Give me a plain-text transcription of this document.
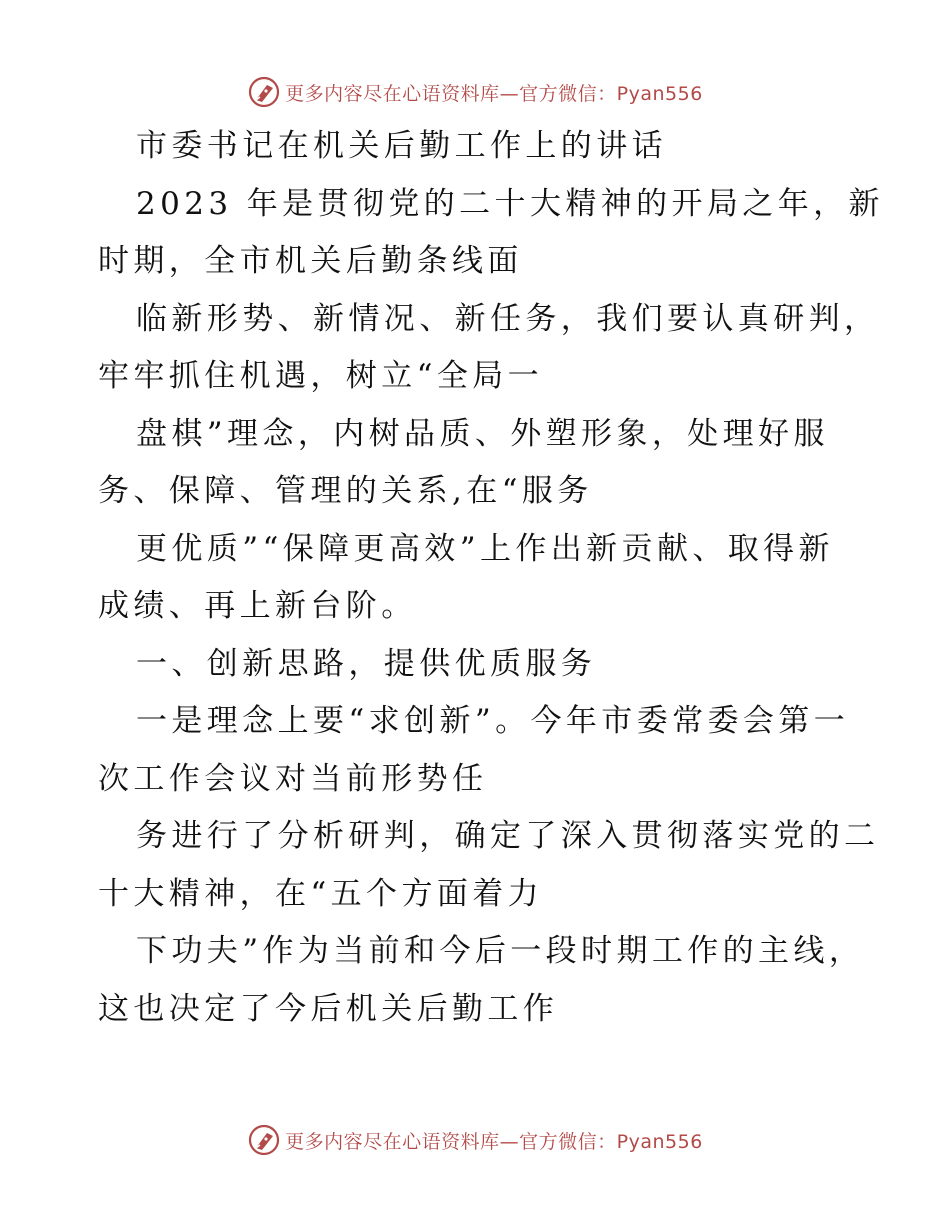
更多内容尽在心语资料库—官方微信：Pyan556
市委书记在机关后勤工作上的讲话
2023 年是贯彻党的二十大精神的开局之年，新
时期，全市机关后勤条线面
临新形势、新情况、新任务，我们要认真研判，
牢牢抓住机遇，树立“全局一
盘棋”理念，内树品质、外塑形象，处理好服
务、保障、管理的关系,在“服务
更优质”“保障更高效”上作出新贡献、取得新
成绩、再上新台阶。
一、创新思路，提供优质服务
一是理念上要“求创新”。今年市委常委会第一
次工作会议对当前形势任
务进行了分析研判，确定了深入贯彻落实党的二
十大精神，在“五个方面着力
下功夫”作为当前和今后一段时期工作的主线，
这也决定了今后机关后勤工作
更多内容尽在心语资料库—官方微信：Pyan556
